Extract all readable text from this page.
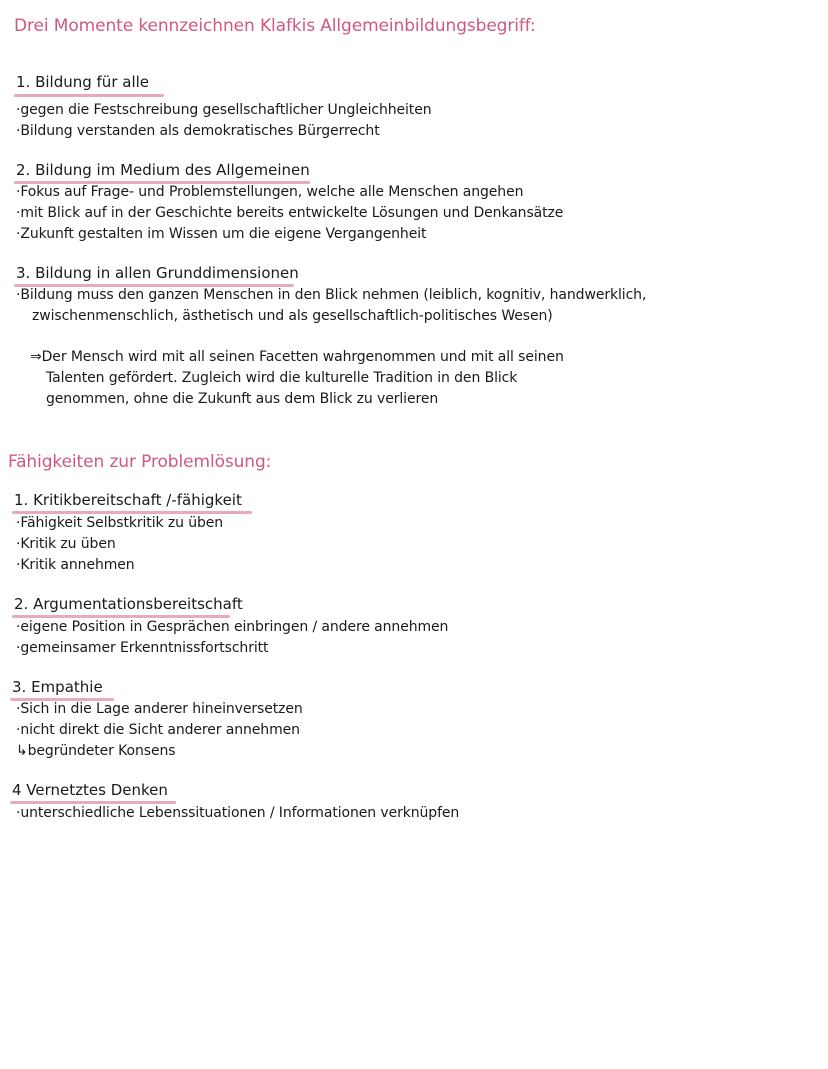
Drei Momente kennzeichnen Klafkis Allgemeinbildungsbegriff:
1. Bildung für alle
·gegen die Festschreibung gesellschaftlicher Ungleichheiten
·Bildung verstanden als demokratisches Bürgerrecht
2. Bildung im Medium des Allgemeinen
·Fokus auf Frage- und Problemstellungen, welche alle Menschen angehen
·mit Blick auf in der Geschichte bereits entwickelte Lösungen und Denkansätze
·Zukunft gestalten im Wissen um die eigene Vergangenheit
3. Bildung in allen Grunddimensionen
·Bildung muss den ganzen Menschen in den Blick nehmen (leiblich, kognitiv, handwerklich,
zwischenmenschlich, ästhetisch und als gesellschaftlich-politisches Wesen)
⇒Der Mensch wird mit all seinen Facetten wahrgenommen und mit all seinen
Talenten gefördert. Zugleich wird die kulturelle Tradition in den Blick
genommen, ohne die Zukunft aus dem Blick zu verlieren
Fähigkeiten zur Problemlösung:
1. Kritikbereitschaft /-fähigkeit
·Fähigkeit Selbstkritik zu üben
·Kritik zu üben
·Kritik annehmen
2. Argumentationsbereitschaft
·eigene Position in Gesprächen einbringen / andere annehmen
·gemeinsamer Erkenntnissfortschritt
3. Empathie
·Sich in die Lage anderer hineinversetzen
·nicht direkt die Sicht anderer annehmen
↳begründeter Konsens
4 Vernetztes Denken
·unterschiedliche Lebenssituationen / Informationen verknüpfen
